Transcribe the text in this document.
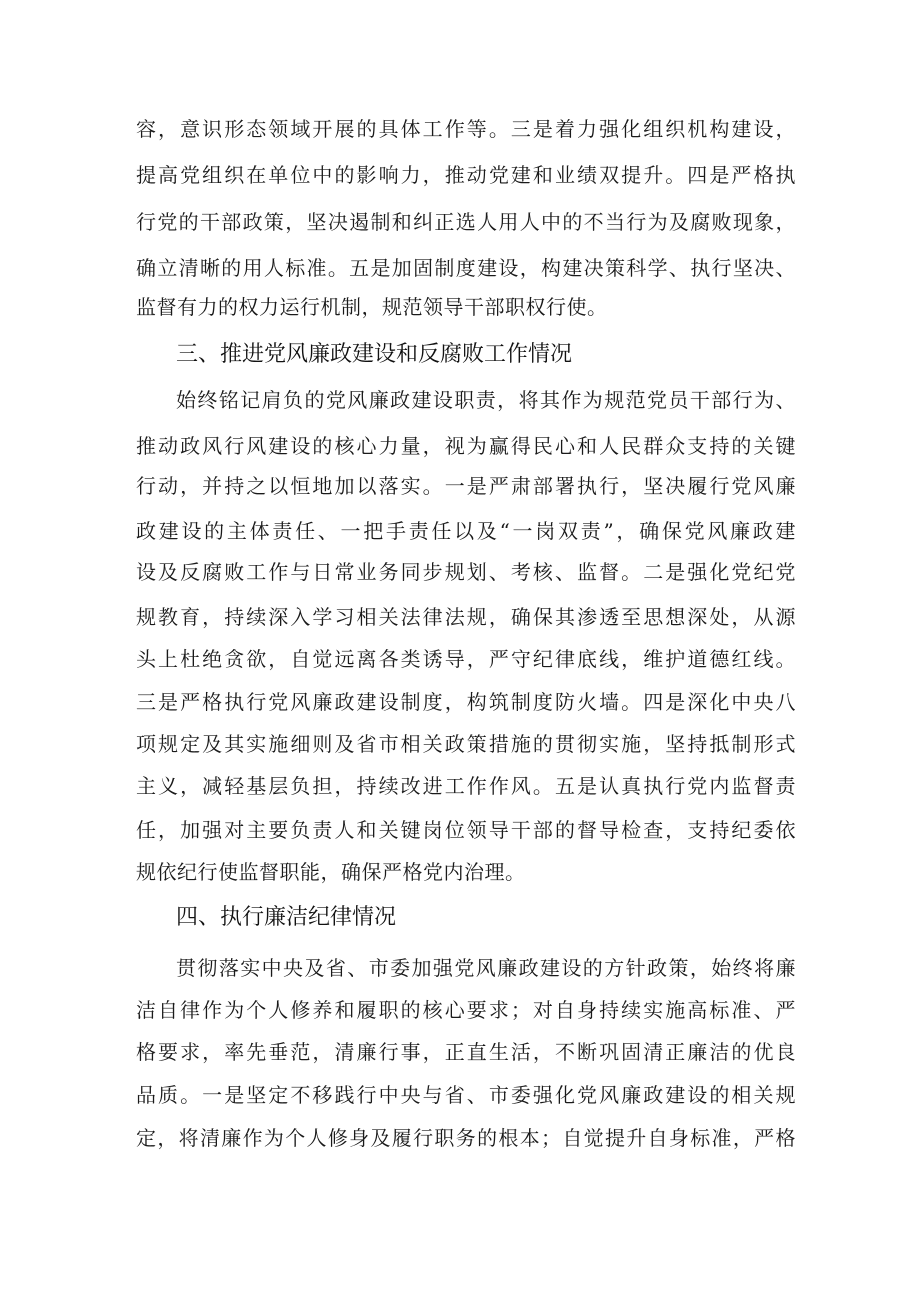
容，意识形态领域开展的具体工作等。三是着力强化组织机构建设，
提高党组织在单位中的影响力，推动党建和业绩双提升。四是严格执
行党的干部政策，坚决遏制和纠正选人用人中的不当行为及腐败现象，
确立清晰的用人标准。五是加固制度建设，构建决策科学、执行坚决、
监督有力的权力运行机制，规范领导干部职权行使。
三、推进党风廉政建设和反腐败工作情况
始终铭记肩负的党风廉政建设职责，将其作为规范党员干部行为、
推动政风行风建设的核心力量，视为赢得民心和人民群众支持的关键
行动，并持之以恒地加以落实。一是严肃部署执行，坚决履行党风廉
政建设的主体责任、一把手责任以及“一岗双责”，确保党风廉政建
设及反腐败工作与日常业务同步规划、考核、监督。二是强化党纪党
规教育，持续深入学习相关法律法规，确保其渗透至思想深处，从源
头上杜绝贪欲，自觉远离各类诱导，严守纪律底线，维护道德红线。
三是严格执行党风廉政建设制度，构筑制度防火墙。四是深化中央八
项规定及其实施细则及省市相关政策措施的贯彻实施，坚持抵制形式
主义，减轻基层负担，持续改进工作作风。五是认真执行党内监督责
任，加强对主要负责人和关键岗位领导干部的督导检查，支持纪委依
规依纪行使监督职能，确保严格党内治理。
四、执行廉洁纪律情况
贯彻落实中央及省、市委加强党风廉政建设的方针政策，始终将廉
洁自律作为个人修养和履职的核心要求；对自身持续实施高标准、严
格要求，率先垂范，清廉行事，正直生活，不断巩固清正廉洁的优良
品质。一是坚定不移践行中央与省、市委强化党风廉政建设的相关规
定，将清廉作为个人修身及履行职务的根本；自觉提升自身标准，严格
